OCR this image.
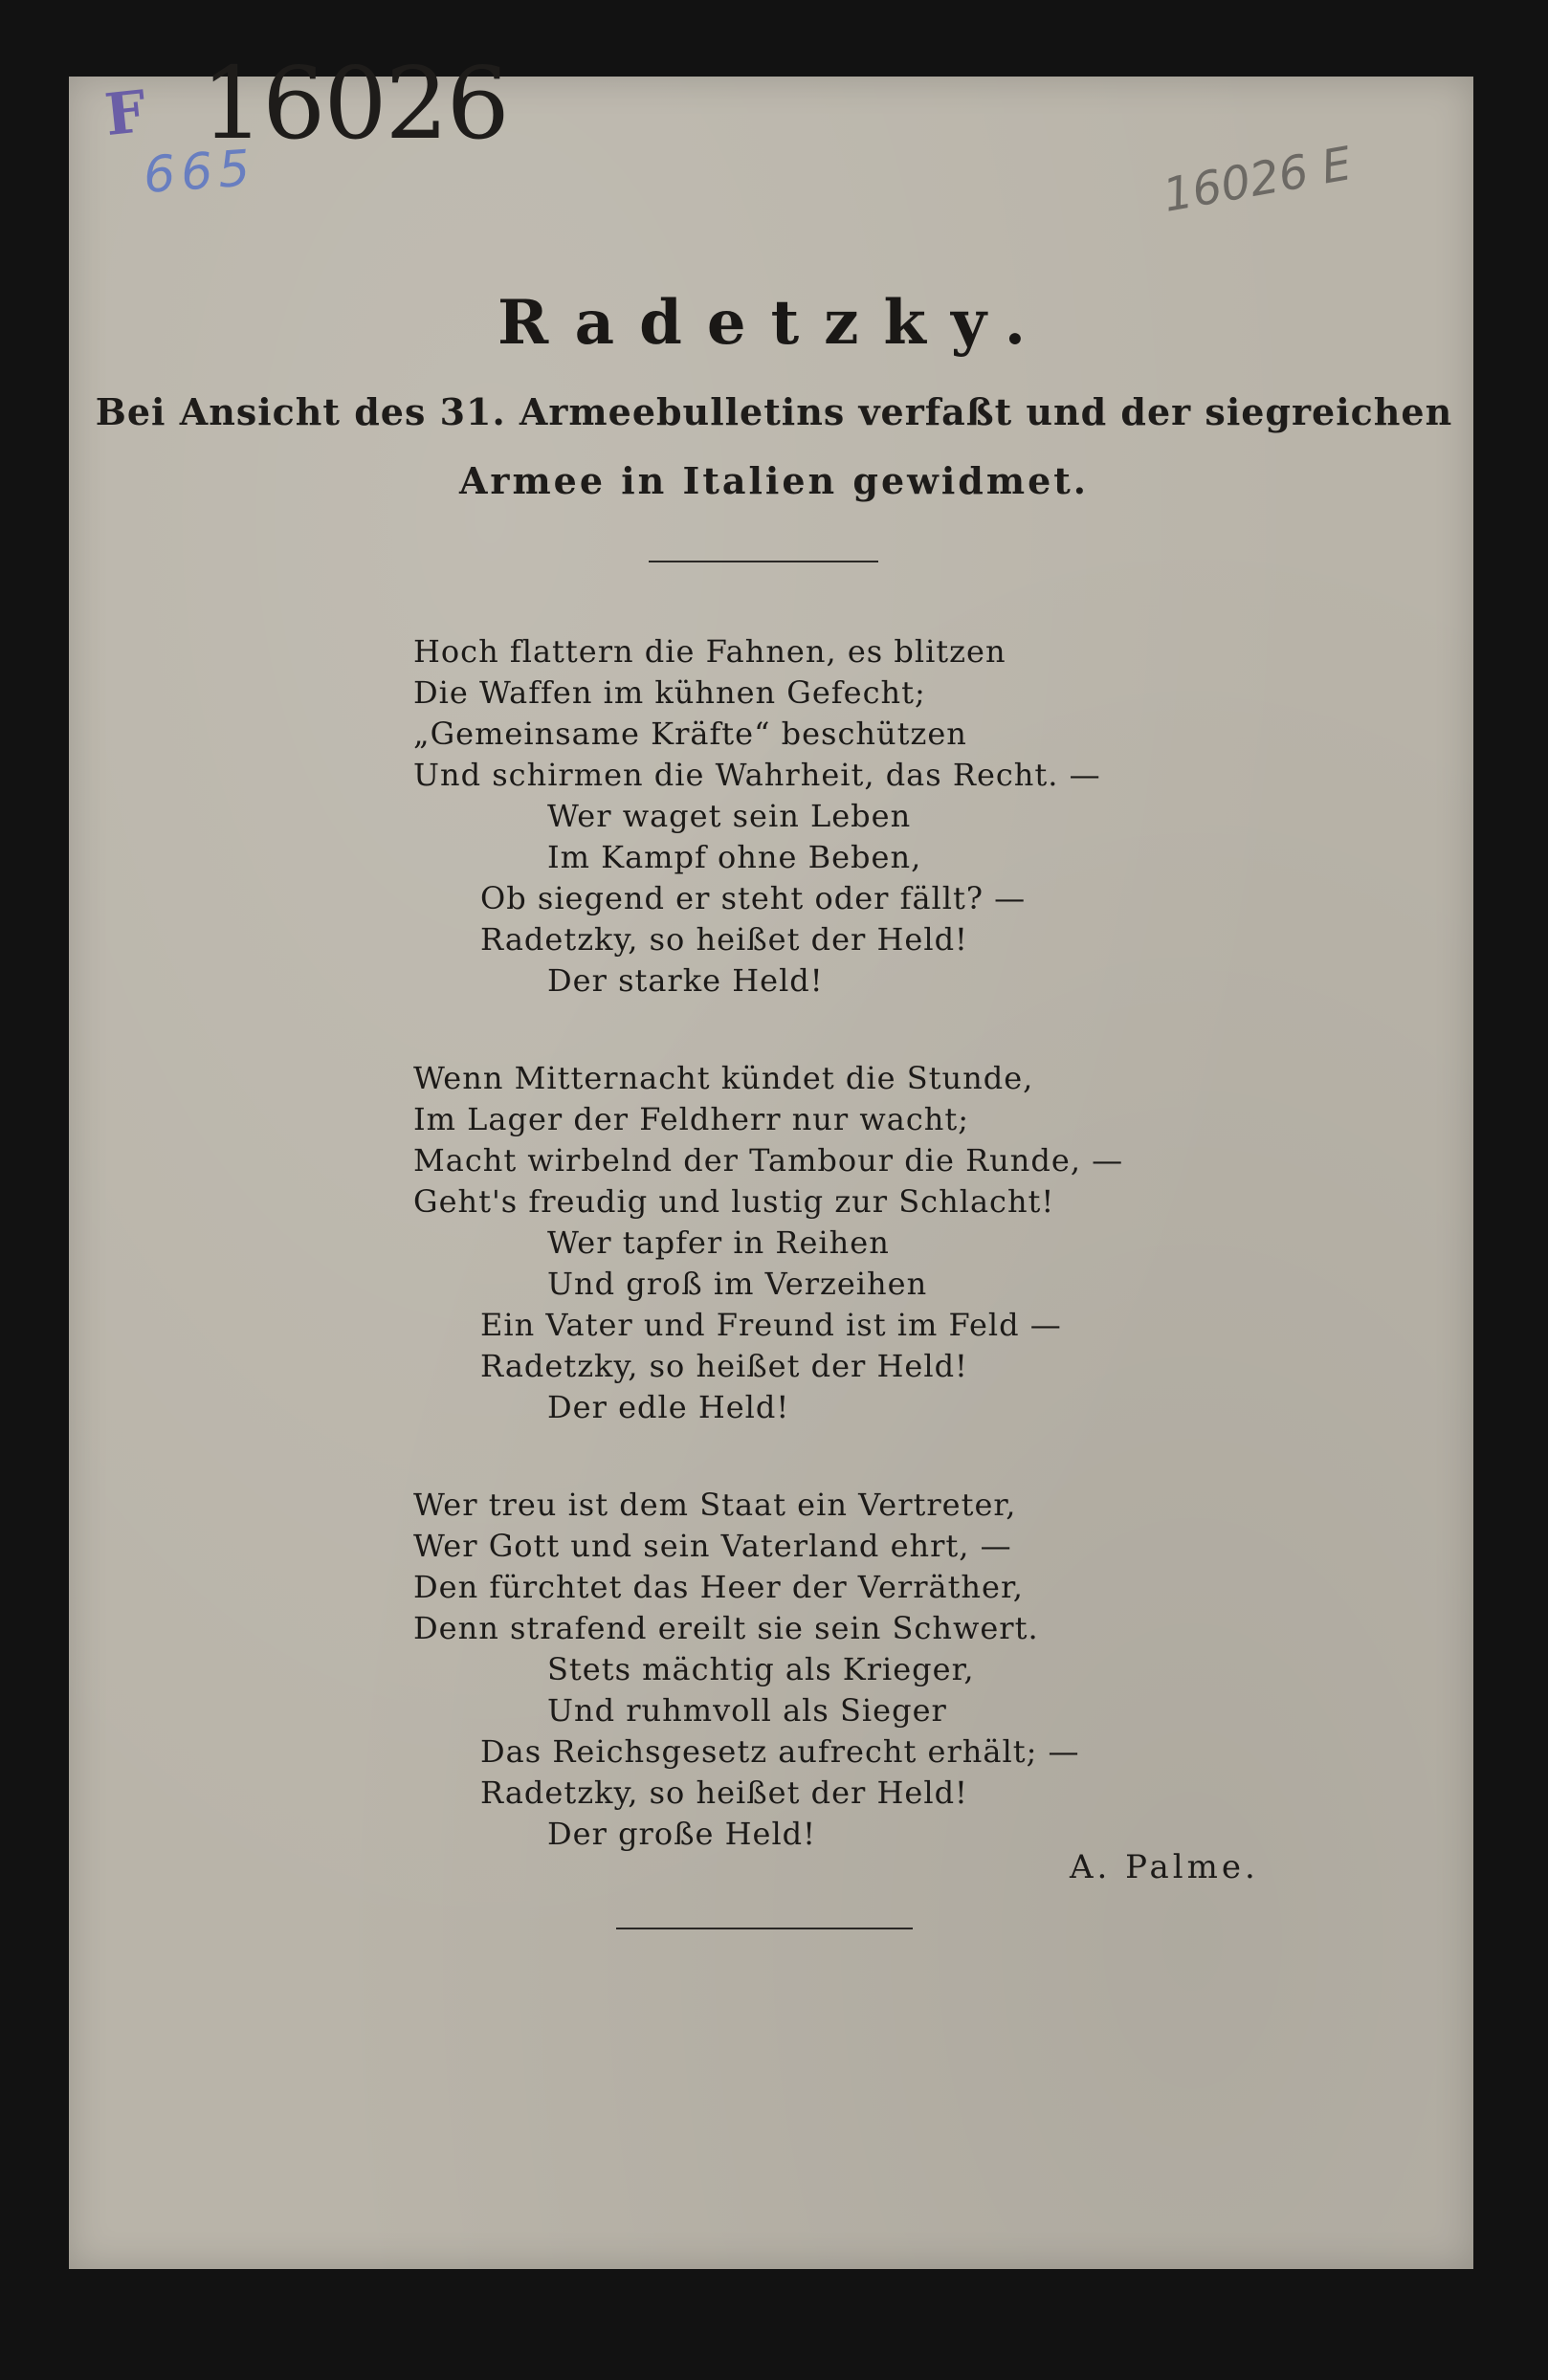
F 16026
665	16026 E
Radetzky.
Bei Ansicht des 31. Armeebulletins verfaßt und der siegreichen
Armee in Italien gewidmet.
Hoch flattern die Fahnen, es blitzen
Die Waffen im kühnen Gefecht;
„Gemeinsame Kräfte“ beschützen
Und schirmen die Wahrheit, das Recht. —
Wer waget sein Leben
Im Kampf ohne Beben,
Ob siegend er steht oder fällt? —
Radetzky, so heißet der Held!
Der starke Held!
Wenn Mitternacht kündet die Stunde,
Im Lager der Feldherr nur wacht;
Macht wirbelnd der Tambour die Runde, —
Geht's freudig und lustig zur Schlacht!
Wer tapfer in Reihen
Und groß im Verzeihen
Ein Vater und Freund ist im Feld —
Radetzky, so heißet der Held!
Der edle Held!
Wer treu ist dem Staat ein Vertreter,
Wer Gott und sein Vaterland ehrt, —
Den fürchtet das Heer der Verräther,
Denn strafend ereilt sie sein Schwert.
Stets mächtig als Krieger,
Und ruhmvoll als Sieger
Das Reichsgesetz aufrecht erhält; —
Radetzky, so heißet der Held!
Der große Held!
A. Palme.
